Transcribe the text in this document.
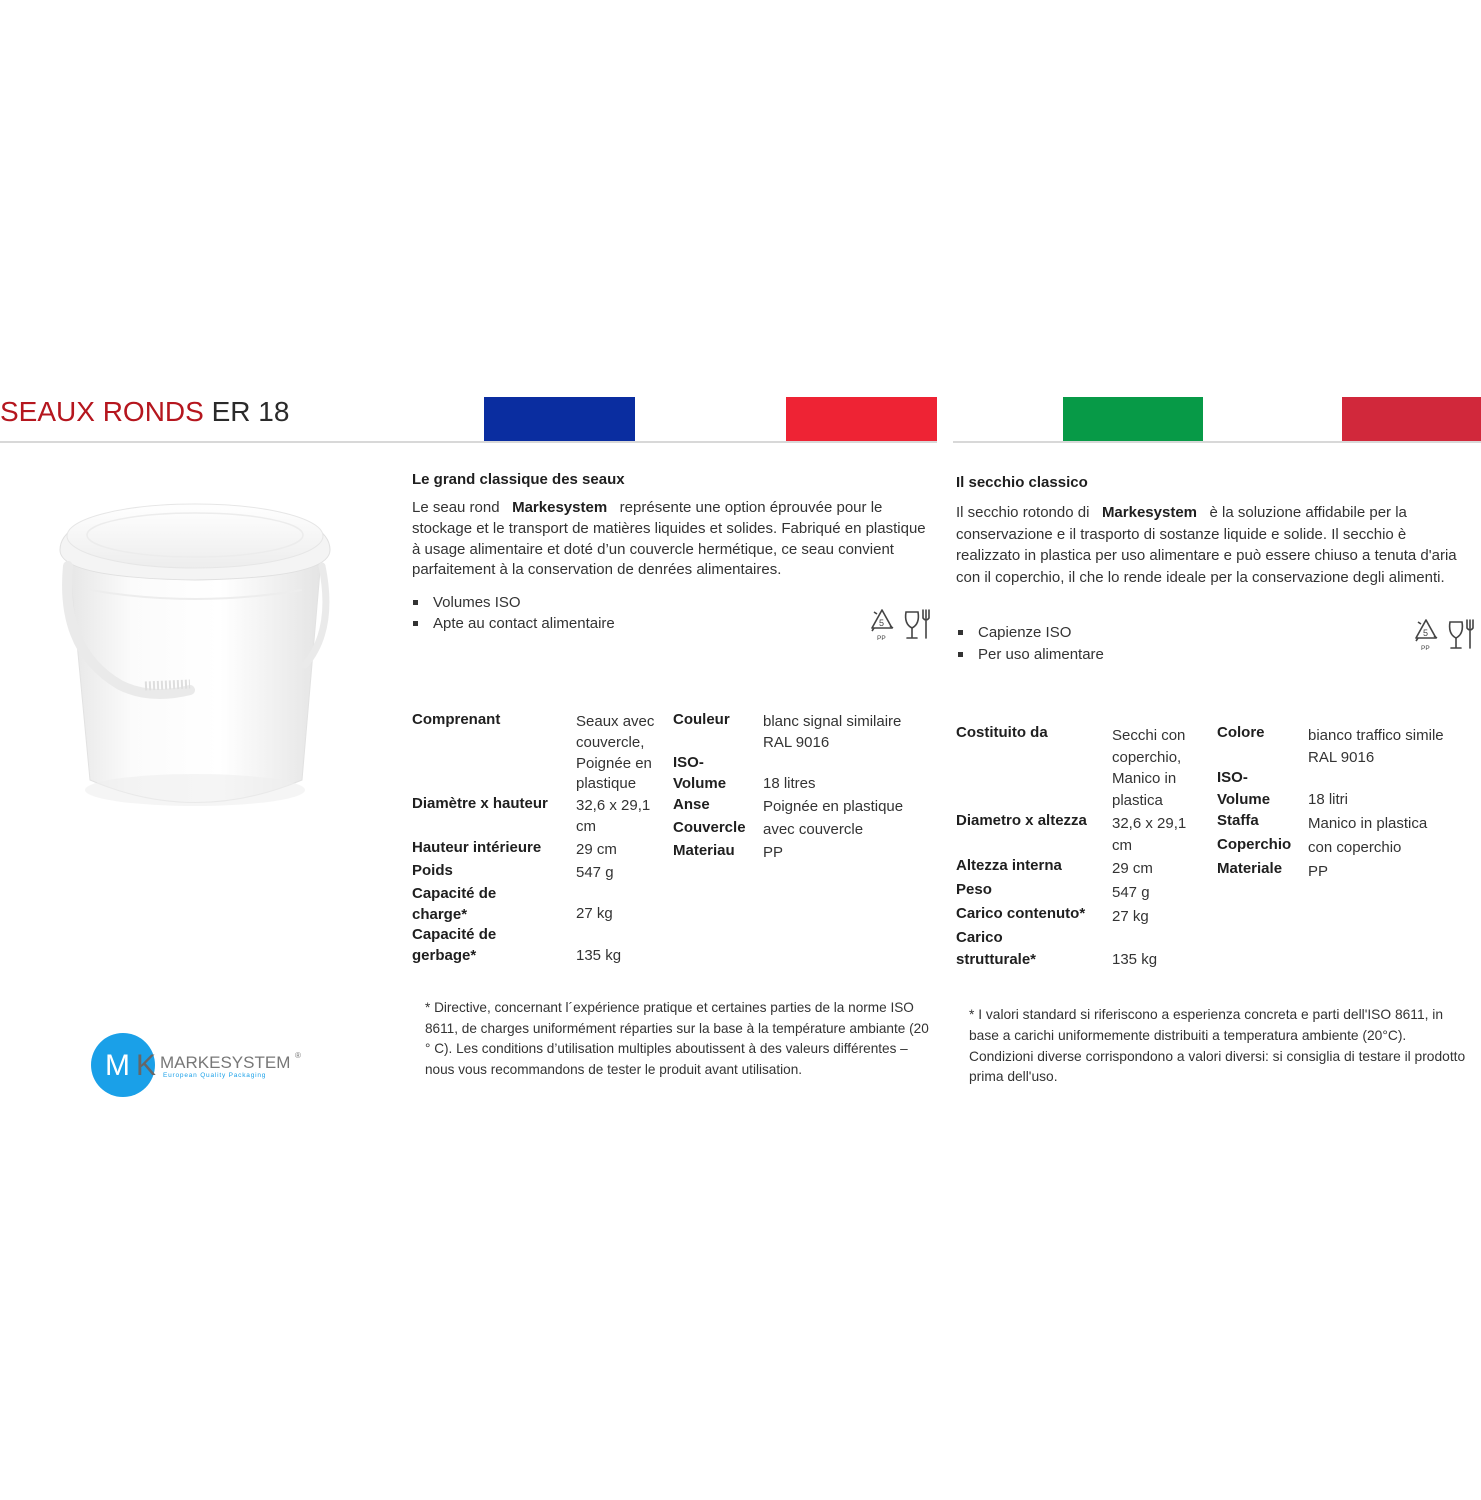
SEAUX RONDS ER 18
M K MARKESYSTEM ®
European Quality Packaging
Le grand classique des seaux
Le seau rond Markesystem représente une option éprouvée pour le stockage et le transport de matières liquides et solides. Fabriqué en plastique à usage alimentaire et doté d’un couvercle hermétique, ce seau convient parfaitement à la conservation de denrées alimentaires.
Volumes ISO
Apte au contact alimentaire	5
PP
Comprenant	Seaux avec couvercle, Poignée en plastique
Diamètre x hauteur	32,6 x 29,1 cm
Hauteur intérieure	29 cm
Poids	547 g
Capacité de charge*	27 kg
Capacité de gerbage*	135 kg
Couleur	blanc signal similaire RAL 9016
ISO-Volume	18 litres
Anse	Poignée en plastique
Couvercle	avec couvercle
Materiau	PP
* Directive, concernant l´expérience pratique et certaines parties de la norme ISO 8611, de charges uniformément réparties sur la base à la température ambiante (20 ° C). Les conditions d’utilisation multiples aboutissent à des valeurs différentes – nous vous recommandons de tester le produit avant utilisation.
Il secchio classico
Il secchio rotondo di Markesystem è la soluzione affidabile per la conservazione e il trasporto di sostanze liquide e solide. Il secchio è realizzato in plastica per uso alimentare e può essere chiuso a tenuta d'aria con il coperchio, il che lo rende ideale per la conservazione degli alimenti.
Capienze ISO
Per uso alimentare
5
PP
Costituito da	Secchi con coperchio, Manico in plastica
Diametro x altezza	32,6 x 29,1 cm
Altezza interna	29 cm
Peso	547 g
Carico contenuto*	27 kg
Carico strutturale*	135 kg
Colore	bianco traffico simile RAL 9016
ISO-Volume	18 litri
Staffa	Manico in plastica
Coperchio	con coperchio
Materiale	PP
* I valori standard si riferiscono a esperienza concreta e parti dell'ISO 8611, in base a carichi uniformemente distribuiti a temperatura ambiente (20°C). Condizioni diverse corrispondono a valori diversi: si consiglia di testare il prodotto prima dell'uso.
